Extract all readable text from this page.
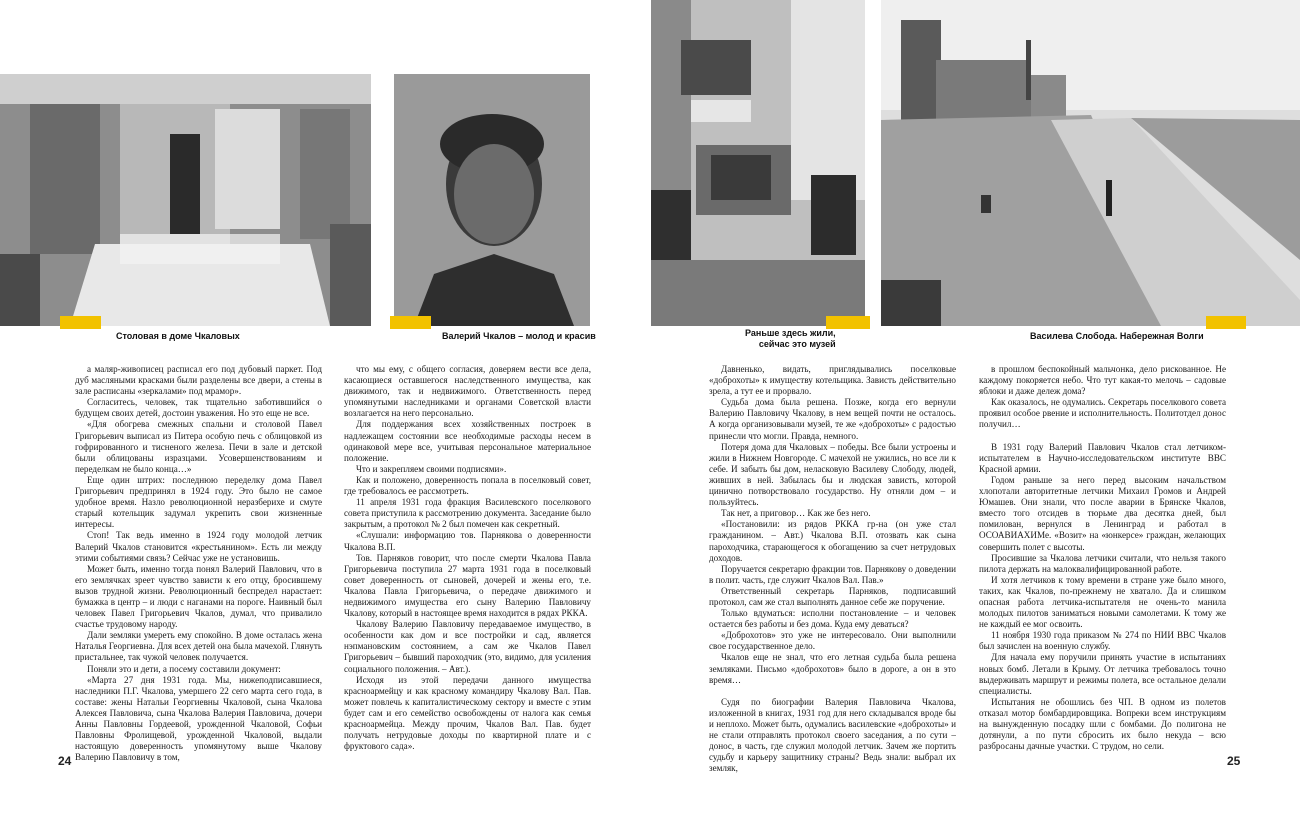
Столовая в доме Чкаловых	Валерий Чкалов – молод и красив	Раньше здесь жили,
сейчас это музей
Василева Слобода. Набережная Волги

а маляр-живописец расписал его под дубовый паркет. Под дуб масляными красками были разделены все двери, а стены в зале расписаны «зеркалами» под мрамор».

Согласитесь, человек, так тщательно заботившийся о будущем своих детей, достоин уважения. Но это еще не все.

«Для обогрева смежных спальни и столовой Павел Григорьевич выписал из Питера особую печь с облицовкой из гофрированного и тисненого железа. Печи в зале и детской были облицованы изразцами. Усовершенствованиям и переделкам не было конца…»

Еще один штрих: последнюю переделку дома Павел Григорьевич предпринял в 1924 году. Это было не самое удобное время. Назло революционной неразберихе и смуте старый котельщик задумал укрепить свои жизненные интересы.

Стоп! Так ведь именно в 1924 году молодой летчик Валерий Чкалов становится «крестьянином». Есть ли между этими событиями связь? Сейчас уже не установишь.

Может быть, именно тогда понял Валерий Павлович, что в его землячках зреет чувство зависти к его отцу, бросившему вызов трудной жизни. Революционный беспредел нарастает: бумажка в центр – и люди с наганами на пороге. Наивный был человек Павел Григорьевич Чкалов, думал, что привалило счастье трудовому народу.

Дали земляки умереть ему спокойно. В доме осталась жена Наталья Георгиевна. Для всех детей она была мачехой. Глянуть пристальнее, так чужой человек получается.

Поняли это и дети, а посему составили документ:

«Марта 27 дня 1931 года. Мы, нижеподписавшиеся, наследники П.Г. Чкалова, умершего 22 сего марта сего года, в составе: жены Натальи Георгиевны Чкаловой, сына Чкалова Алексея Павловича, сына Чкалова Валерия Павловича, дочери Анны Павловны Гордеевой, урожденной Чкаловой, Софьи Павловны Фролищевой, урожденной Чкаловой, выдали настоящую доверенность упомянутому выше Чкалову Валерию Павловичу в том,

что мы ему, с общего согласия, доверяем вести все дела, касающиеся оставшегося наследственного имущества, как движимого, так и недвижимого. Ответственность перед упомянутыми наследниками и органами Советской власти возлагается на него персонально.

Для поддержания всех хозяйственных построек в надлежащем состоянии все необходимые расходы несем в одинаковой мере все, учитывая персональное материальное положение.

Что и закрепляем своими подписями».

Как и положено, доверенность попала в поселковый совет, где требовалось ее рассмотреть.

11 апреля 1931 года фракция Василевского поселкового совета приступила к рассмотрению документа. Заседание было закрытым, а протокол № 2 был помечен как секретный.

«Слушали: информацию тов. Парнякова о доверенности Чкалова В.П.

Тов. Парняков говорит, что после смерти Чкалова Павла Григорьевича поступила 27 марта 1931 года в поселковый совет доверенность от сыновей, дочерей и жены его, т.е. Чкалова Павла Григорьевича, о передаче движимого и недвижимого имущества его сыну Валерию Павловичу Чкалову, который в настоящее время находится в рядах РККА.

Чкалову Валерию Павловичу передаваемое имущество, в особенности как дом и все постройки и сад, является нэпмановским состоянием, а сам же Чкалов Павел Григорьевич – бывший пароходчик (это, видимо, для усиления социального положения. – Авт.).

Исходя из этой передачи данного имущества красноармейцу и как красному командиру Чкалову Вал. Пав. может повлечь к капиталистическому сектору и вместе с этим будет сам и его семейство освобождены от налога как семья красноармейца. Между прочим, Чкалов Вал. Пав. будет получать нетрудовые доходы по квартирной плате и с фруктового сада».

Давненько, видать, приглядывались поселковые «доброхоты» к имуществу котельщика. Зависть действительно зрела, а тут ее и прорвало.

Судьба дома была решена. Позже, когда его вернули Валерию Павловичу Чкалову, в нем вещей почти не осталось. А когда организовывали музей, те же «доброхоты» с радостью принесли что могли. Правда, немного.

Потеря дома для Чкаловых – победы. Все были устроены и жили в Нижнем Новгороде. С мачехой не ужились, но все ли к себе. И забыть бы дом, неласковую Василеву Слободу, людей, живших в ней. Забылась бы и людская зависть, которой цинично потворствовало государство. Ну отняли дом – и пользуйтесь.

Так нет, а приговор… Как же без него.

«Постановили: из рядов РККА гр-на (он уже стал гражданином. – Авт.) Чкалова В.П. отозвать как сына пароходчика, старающегося к обогащению за счет нетрудовых доходов.

Поручается секретарю фракции тов. Парнякову о доведении в полит. часть, где служит Чкалов Вал. Пав.»

Ответственный секретарь Парняков, подписавший протокол, сам же стал выполнять данное себе же поручение.

Только вдуматься: исполни постановление – и человек остается без работы и без дома. Куда ему деваться?

«Доброхотов» это уже не интересовало. Они выполнили свое государственное дело.

Чкалов еще не знал, что его летная судьба была решена земляками. Письмо «доброхотов» было в дороге, а он в это время…

Судя по биографии Валерия Павловича Чкалова, изложенной в книгах, 1931 год для него складывался вроде бы и неплохо. Может быть, одумались василевские «доброхоты» и не стали отправлять протокол своего заседания, а по сути – донос, в часть, где служил молодой летчик. Зачем же портить судьбу и карьеру защитнику страны? Ведь знали: выбрал их земляк,

в прошлом беспокойный мальчонка, дело рискованное. Не каждому покоряется небо. Что тут какая-то мелочь – садовые яблоки и даже дележ дома?

Как оказалось, не одумались. Секретарь поселкового совета проявил особое рвение и исполнительность. Политотдел донос получил…

В 1931 году Валерий Павлович Чкалов стал летчиком-испытателем в Научно-исследовательском институте ВВС Красной армии.

Годом раньше за него перед высоким начальством хлопотали авторитетные летчики Михаил Громов и Андрей Юмашев. Они знали, что после аварии в Брянске Чкалов, вместо того отсидев в тюрьме два десятка дней, был помилован, вернулся в Ленинград и работал в ОСОАВИАХИМе. «Возит» на «юнкерсе» граждан, желающих совершить полет с высоты.

Просившие за Чкалова летчики считали, что нельзя такого пилота держать на малоквалифицированной работе.

И хотя летчиков к тому времени в стране уже было много, таких, как Чкалов, по-прежнему не хватало. Да и слишком опасная работа летчика-испытателя не очень-то манила молодых пилотов заниматься новыми самолетами. К тому же не каждый ее мог освоить.

11 ноября 1930 года приказом № 274 по НИИ ВВС Чкалов был зачислен на военную службу.

Для начала ему поручили принять участие в испытаниях новых бомб. Летали в Крыму. От летчика требовалось точно выдерживать маршрут и режимы полета, все остальное делали специалисты.

Испытания не обошлись без ЧП. В одном из полетов отказал мотор бомбардировщика. Вопреки всем инструкциям на вынужденную посадку шли с бомбами. До полигона не дотянули, а по пути сбросить их было некуда – всю разбросаны дачные участки. С трудом, но сели.

24	25
